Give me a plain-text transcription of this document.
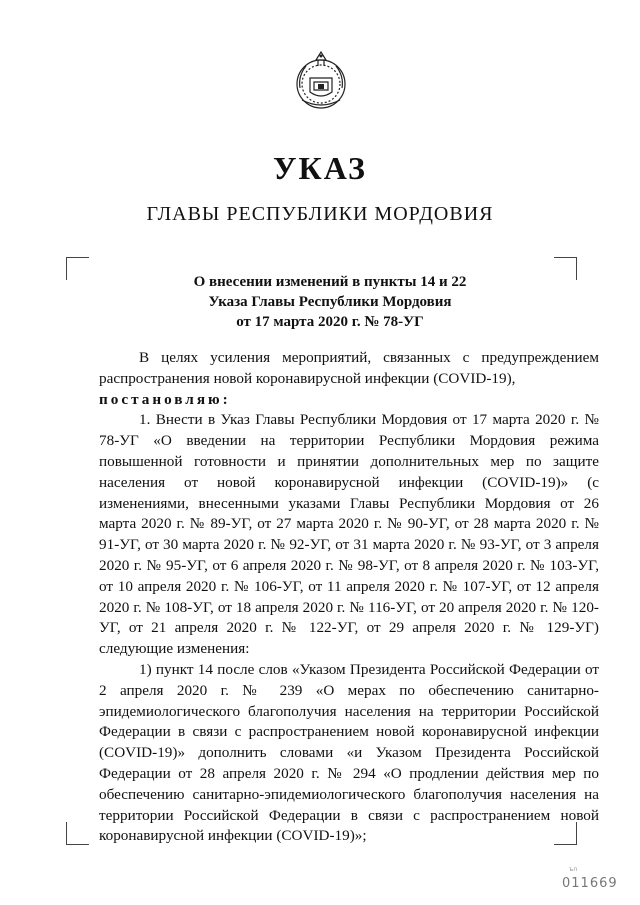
УКАЗ
ГЛАВЫ РЕСПУБЛИКИ МОРДОВИЯ
О внесении изменений в пункты 14 и 22
Указа Главы Республики Мордовия
от 17 марта 2020 г. № 78-УГ

В целях усиления мероприятий, связанных с предупреждением распространения новой коронавирусной инфекции (COVID-19),

постановляю:

1. Внести в Указ Главы Республики Мордовия от 17 марта 2020 г. № 78-УГ «О введении на территории Республики Мордовия режима повышенной готовности и принятии дополнительных мер по защите населения от новой коронавирусной инфекции (COVID-19)» (с изменениями, внесенными указами Главы Республики Мордовия от 26 марта 2020 г. № 89-УГ, от 27 марта 2020 г. № 90-УГ, от 28 марта 2020 г. № 91-УГ, от 30 марта 2020 г. № 92-УГ, от 31 марта 2020 г. № 93-УГ, от 3 апреля 2020 г. № 95-УГ, от 6 апреля 2020 г. № 98-УГ, от 8 апреля 2020 г. № 103-УГ, от 10 апреля 2020 г. № 106-УГ, от 11 апреля 2020 г. № 107-УГ, от 12 апреля 2020 г. № 108-УГ, от 18 апреля 2020 г. № 116-УГ, от 20 апреля 2020 г. № 120-УГ, от 21 апреля 2020 г. № 122-УГ, от 29 апреля 2020 г. № 129-УГ) следующие изменения:

1) пункт 14 после слов «Указом Президента Российской Федерации от 2 апреля 2020 г. № 239 «О мерах по обеспечению санитарно-эпидемиологического благополучия населения на территории Российской Федерации в связи с распространением новой коронавирусной инфекции (COVID-19)» дополнить словами «и Указом Президента Российской Федерации от 28 апреля 2020 г. № 294 «О продлении действия мер по обеспечению санитарно-эпидемиологического благополучия населения на территории Российской Федерации в связи с распространением новой коронавирусной инфекции (COVID-19)»;

ъл
011669
